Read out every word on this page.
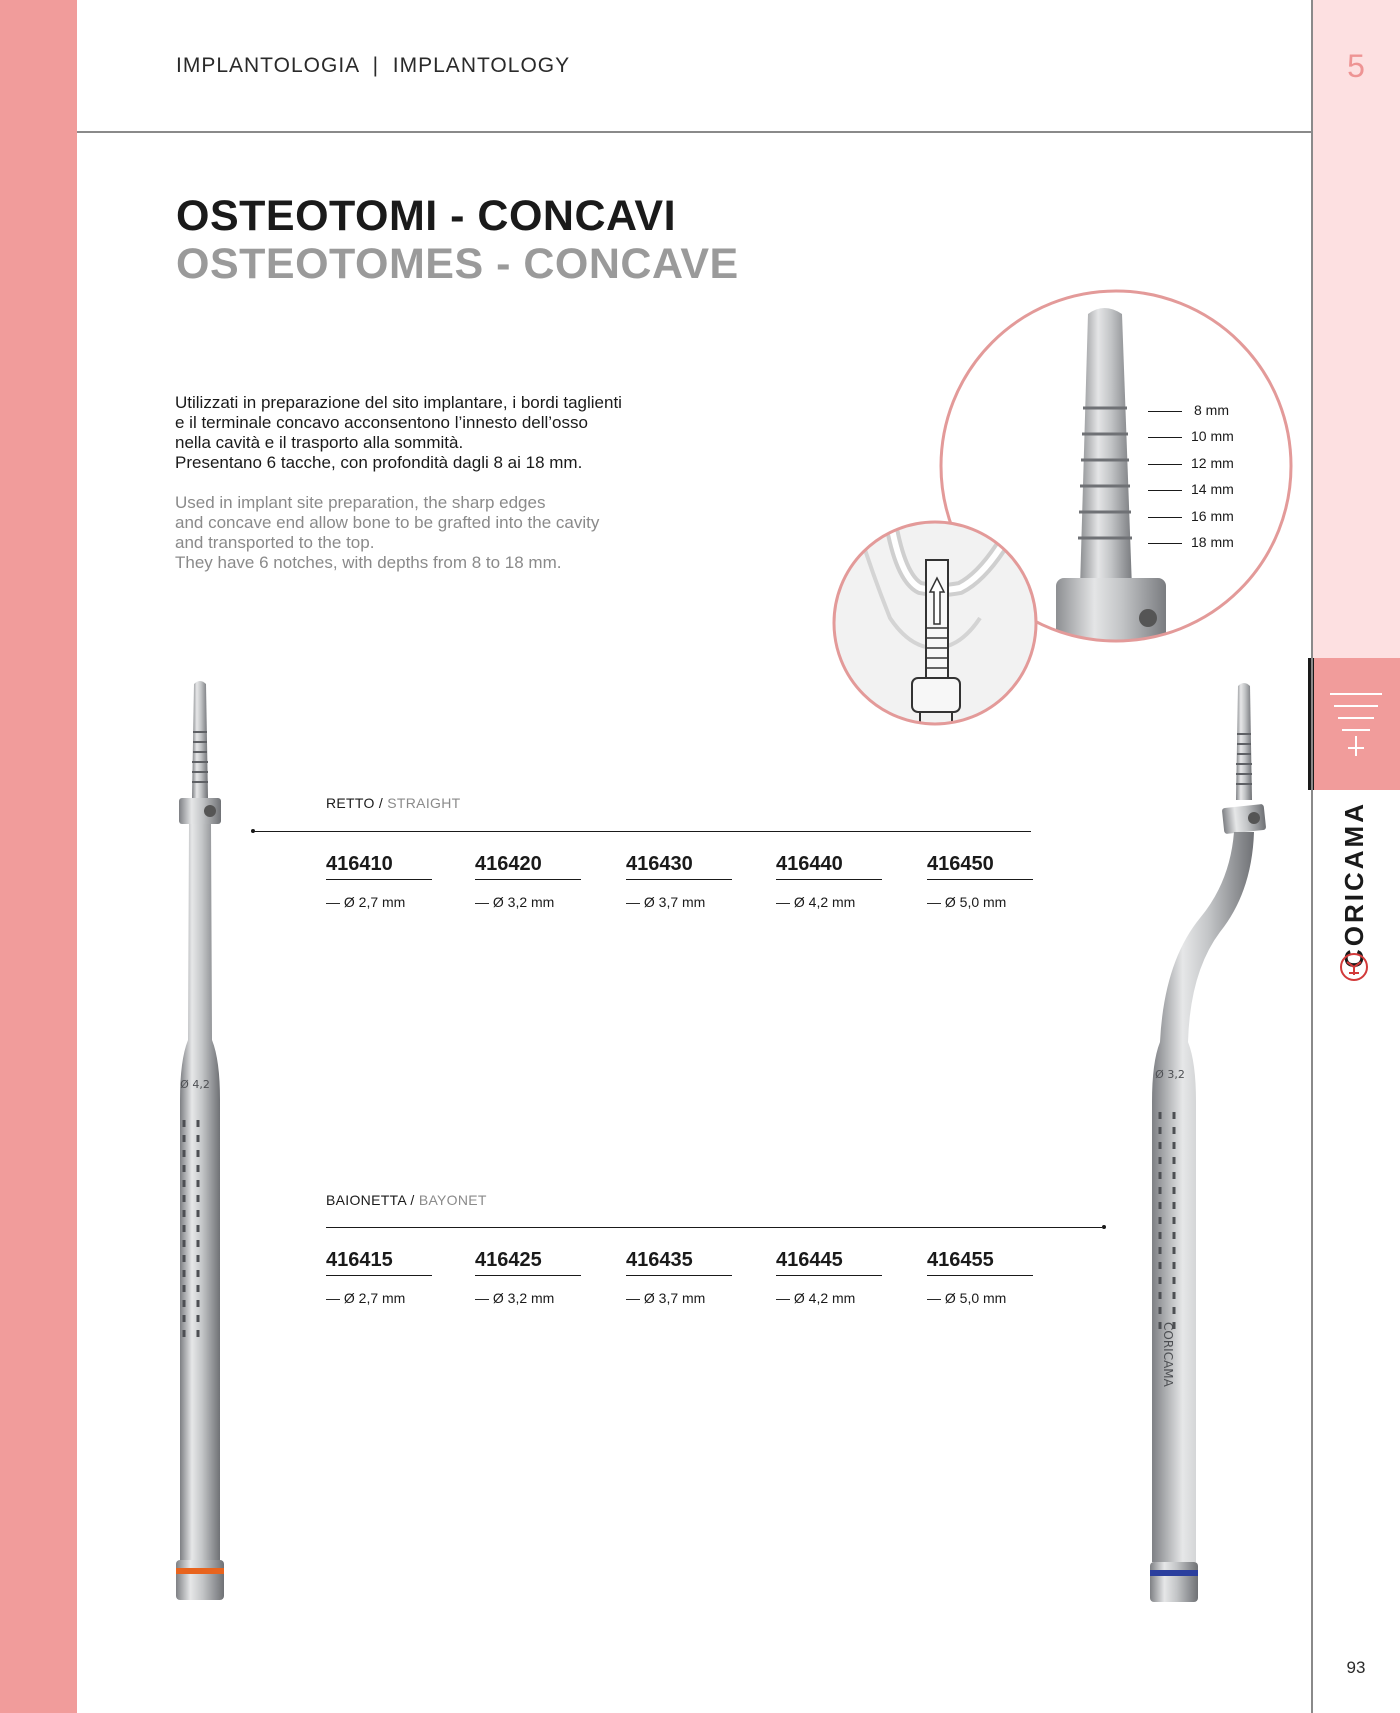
IMPLANTOLOGIA  |  IMPLANTOLOGY	5
OSTEOTOMI - CONCAVI
OSTEOTOMES - CONCAVE

Utilizzati in preparazione del sito implantare, i bordi taglienti

e il terminale concavo acconsentono l’innesto dell’osso

nella cavità e il trasporto alla sommità.

Presentano 6 tacche, con profondità dagli 8 ai 18 mm.

Used in implant site preparation, the sharp edges

and concave end allow bone to be grafted into the cavity

and transported to the top.

They have 6 notches, with depths from 8 to 18 mm.

8 mm
10 mm
12 mm
14 mm
16 mm
18 mm
Ø 4,2
Ø 3,2
CORICAMA
RETTO / STRAIGHT
416410
— Ø 2,7 mm
416420
— Ø 3,2 mm
416430
— Ø 3,7 mm
416440
— Ø 4,2 mm
416450
— Ø 5,0 mm
BAIONETTA / BAYONET
416415
— Ø 2,7 mm
416425
— Ø 3,2 mm
416435
— Ø 3,7 mm
416445
— Ø 4,2 mm
416455
— Ø 5,0 mm
CORICAMA
93
